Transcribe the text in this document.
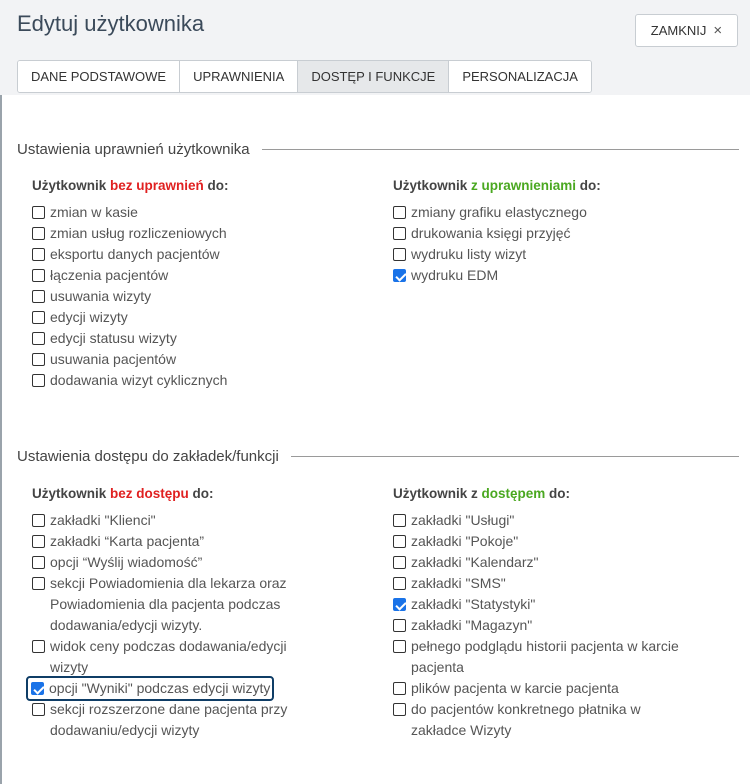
Edytuj użytkownika	ZAMKNIJ ×
DANE PODSTAWOWE	UPRAWNIENIA	DOSTĘP I FUNKCJE	PERSONALIZACJA
Ustawienia uprawnień użytkownika
Użytkownik bez uprawnień do:
zmian w kasie
zmian usług rozliczeniowych
eksportu danych pacjentów
łączenia pacjentów
usuwania wizyty
edycji wizyty
edycji statusu wizyty
usuwania pacjentów
dodawania wizyt cyklicznych
Użytkownik z uprawnieniami do:
zmiany grafiku elastycznego
drukowania księgi przyjęć
wydruku listy wizyt
wydruku EDM
Ustawienia dostępu do zakładek/funkcji
Użytkownik bez dostępu do:
zakładki "Klienci"
zakładki “Karta pacjenta”
opcji “Wyślij wiadomość”
sekcji Powiadomienia dla lekarza oraz Powiadomienia dla pacjenta podczas dodawania/edycji wizyty.
widok ceny podczas dodawania/edycji wizyty
opcji "Wyniki" podczas edycji wizyty
sekcji rozszerzone dane pacjenta przy dodawaniu/edycji wizyty
Użytkownik z dostępem do:
zakładki "Usługi"
zakładki "Pokoje"
zakładki "Kalendarz"
zakładki "SMS"
zakładki "Statystyki"
zakładki "Magazyn"
pełnego podglądu historii pacjenta w karcie pacjenta
plików pacjenta w karcie pacjenta
do pacjentów konkretnego płatnika w zakładce Wizyty
